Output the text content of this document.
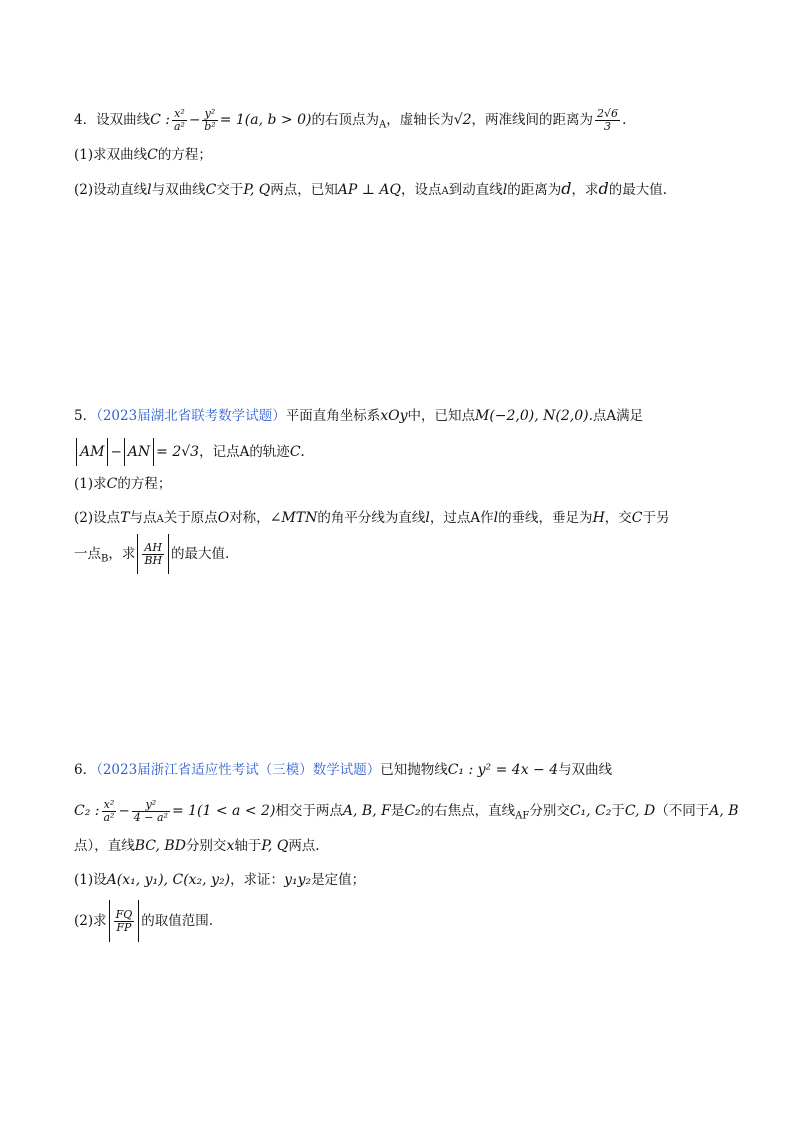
4．设双曲线C : $\frac{\text{x²}}{\text{a²}} - \frac{\text{y²}}{\text{b²}} = 1(a$, b > 0)的右顶点为$_A$，虚轴长为√2，两准线间的距离为 $\frac{2√6}{3}$ .
(1)求双曲线C的方程；
(2)设动直线l与双曲线C交于P, Q两点，已知AP ⊥ AQ，设点A到动直线l的距离为d，求d的最大值.
5．（2023届湖北省联考数学试题）平面直角坐标系xOy中，已知点M(−2,0), N(2,0).点A满足
AM − AN = 2√3，记点A的轨迹C.
(1)求C的方程；
(2)设点T与点A关于原点O对称，∠MTN的角平分线为直线l，过点A作l的垂线，垂足为H，交C于另
一点$_B$，求 $\frac{AH}{BH}$ 的最大值.
6．（2023届浙江省适应性考试（三模）数学试题）已知抛物线C₁ : y² = 4x − 4与双曲线
C₂ : $\frac{\text{x²}}{\text{a²}} - \frac{\text{y²}}{\text{4 − a²}} = 1(1 < a < 2)$相交于两点A, B, F是C₂的右焦点，直线$_{AF}$分别交C₁, C₂于C, D（不同于A, B
点），直线BC, BD分别交x轴于P, Q两点.
(1)设A(x₁, y₁), C(x₂, y₂)，求证：y₁y₂是定值；
(2)求 $\frac{FQ}{FP}$ 的取值范围.
